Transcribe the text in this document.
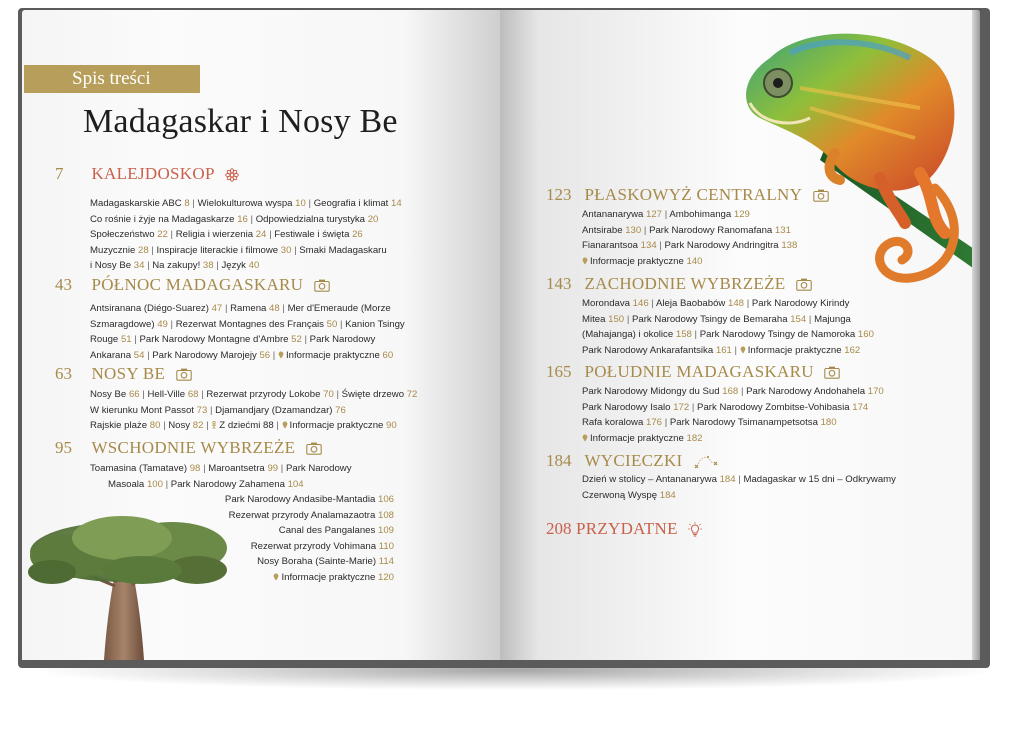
Spis treści
Madagaskar i Nosy Be
7 KALEJDOSKOP
Madagaskarskie ABC 8 | Wielokulturowa wyspa 10 | Geografia i klimat 14
Co rośnie i żyje na Madagaskarze 16 | Odpowiedzialna turystyka 20
Społeczeństwo 22 | Religia i wierzenia 24 | Festiwale i święta 26
Muzycznie 28 | Inspiracje literackie i filmowe 30 | Smaki Madagaskaru
i Nosy Be 34 | Na zakupy! 38 | Język 40
43 PÓŁNOC MADAGASKARU
Antsiranana (Diégo-Suarez) 47 | Ramena 48 | Mer d'Emeraude (Morze
Szmaragdowe) 49 | Rezerwat Montagnes des Français 50 | Kanion Tsingy
Rouge 51 | Park Narodowy Montagne d'Ambre 52 | Park Narodowy
Ankarana 54 | Park Narodowy Marojejy 56 | Informacje praktyczne 60
63 NOSY BE
Nosy Be 66 | Hell-Ville 68 | Rezerwat przyrody Lokobe 70 | Święte drzewo 72
W kierunku Mont Passot 73 | Djamandjary (Dzamandzar) 76
Rajskie plaże 80 | Nosy 82 | Z dziećmi 88 | Informacje praktyczne 90
95 WSCHODNIE WYBRZEŻE
Toamasina (Tamatave) 98 | Maroantsetra 99 | Park Narodowy
Masoala 100 | Park Narodowy Zahamena 104
Park Narodowy Andasibe-Mantadia 106
Rezerwat przyrody Analamazaotra 108
Canal des Pangalanes 109
Rezerwat przyrody Vohimana 110
Nosy Boraha (Sainte-Marie) 114
Informacje praktyczne 120
123 PŁASKOWYŻ CENTRALNY
Antananarywa 127 | Ambohimanga 129
Antsirabe 130 | Park Narodowy Ranomafana 131
Fianarantsoa 134 | Park Narodowy Andringitra 138
Informacje praktyczne 140
143 ZACHODNIE WYBRZEŻE
Morondava 146 | Aleja Baobabów 148 | Park Narodowy Kirindy
Mitea 150 | Park Narodowy Tsingy de Bemaraha 154 | Majunga
(Mahajanga) i okolice 158 | Park Narodowy Tsingy de Namoroka 160
Park Narodowy Ankarafantsika 161 | Informacje praktyczne 162
165 POŁUDNIE MADAGASKARU
Park Narodowy Midongy du Sud 168 | Park Narodowy Andohahela 170
Park Narodowy Isalo 172 | Park Narodowy Zombitse-Vohibasia 174
Rafa koralowa 176 | Park Narodowy Tsimanampetsotsa 180
Informacje praktyczne 182
184 WYCIECZKI
Dzień w stolicy – Antananarywa 184 | Madagaskar w 15 dni – Odkrywamy
Czerwoną Wyspę 184
208 PRZYDATNE
